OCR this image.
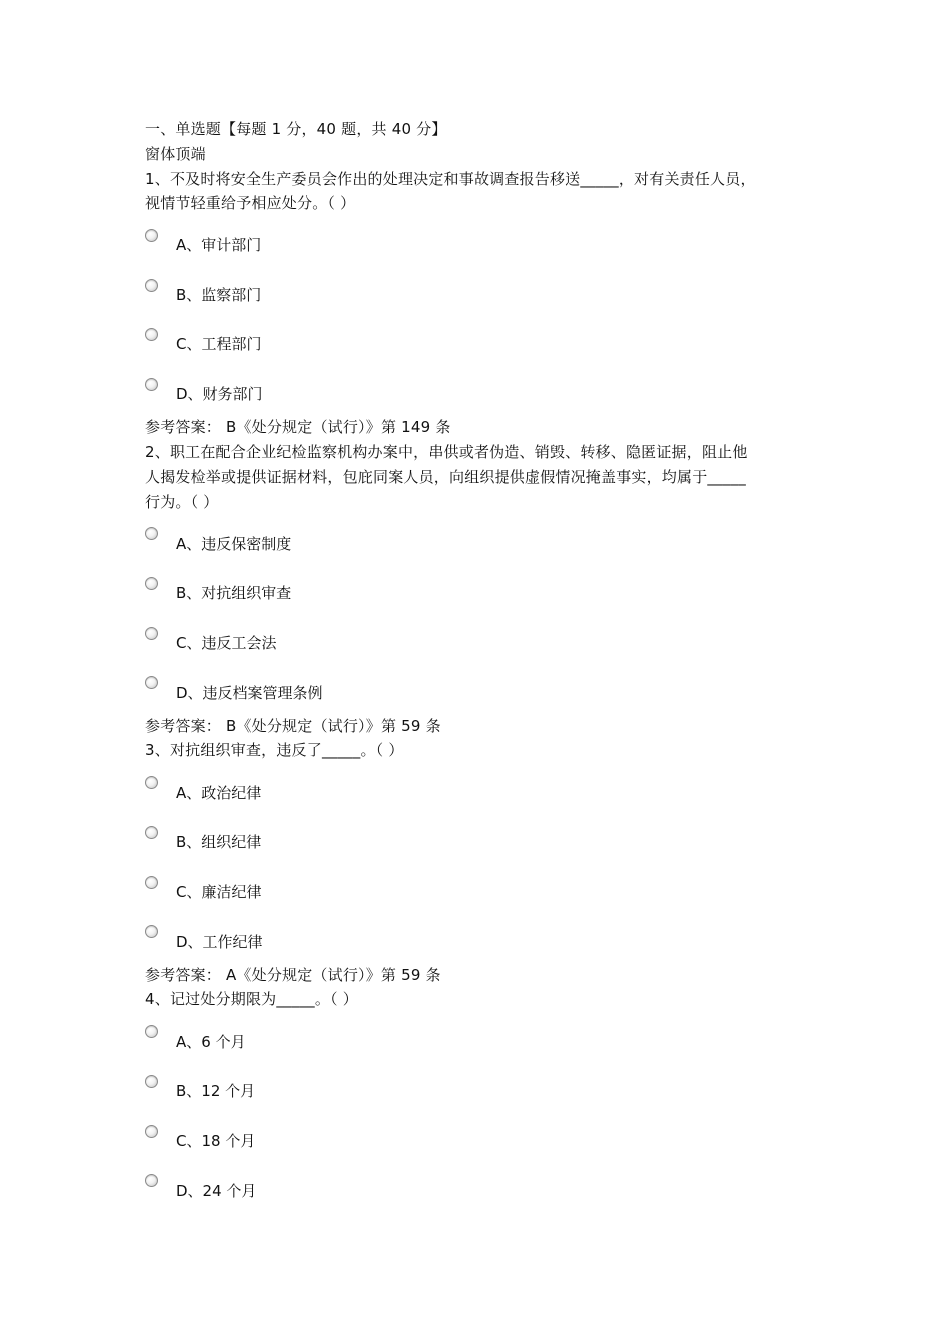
一、单选题【每题 1 分，40 题，共 40 分】
窗体顶端
1、不及时将安全生产委员会作出的处理决定和事故调查报告移送_____，对有关责任人员，
视情节轻重给予相应处分。（ ）
A、审计部门
B、监察部门
C、工程部门
D、财务部门
参考答案： B《处分规定（试行）》第 149 条
2、职工在配合企业纪检监察机构办案中，串供或者伪造、销毁、转移、隐匿证据，阻止他
人揭发检举或提供证据材料，包庇同案人员，向组织提供虚假情况掩盖事实，均属于_____
行为。（ ）
A、违反保密制度
B、对抗组织审查
C、违反工会法
D、违反档案管理条例
参考答案： B《处分规定（试行）》第 59 条
3、对抗组织审查，违反了_____。（ ）
A、政治纪律
B、组织纪律
C、廉洁纪律
D、工作纪律
参考答案： A《处分规定（试行）》第 59 条
4、记过处分期限为_____。（ ）
A、6 个月
B、12 个月
C、18 个月
D、24 个月
